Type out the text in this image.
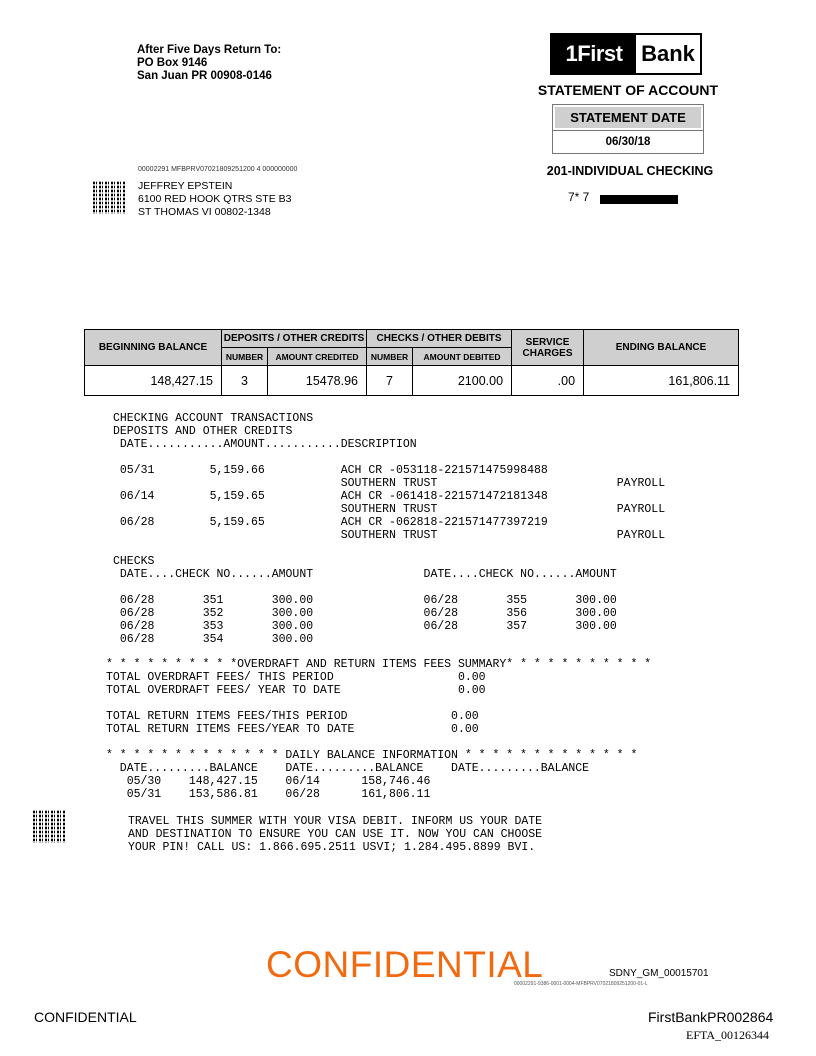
After Five Days Return To:
PO Box 9146
San Juan PR 00908-0146
1First Bank
STATEMENT OF ACCOUNT
STATEMENT DATE
06/30/18
201-INDIVIDUAL CHECKING
7* 7
00002291 MFBPRV07021809251200 4 000000000
JEFFREY EPSTEIN
6100 RED HOOK QTRS STE B3
ST THOMAS VI 00802-1348
BEGINNING BALANCE	DEPOSITS / OTHER CREDITS		CHECKS / OTHER DEBITS		SERVICE CHARGES	ENDING BALANCE
	NUMBER	AMOUNT CREDITED	NUMBER	AMOUNT DEBITED		
148,427.15	3	15478.96	7	2100.00	.00	161,806.11
CHECKING ACCOUNT TRANSACTIONS
DEPOSITS AND OTHER CREDITS
DATE...........AMOUNT...........DESCRIPTION
05/31        5,159.66           ACH CR -053118-221571475998488
SOUTHERN TRUST                          PAYROLL
06/14        5,159.65           ACH CR -061418-221571472181348
SOUTHERN TRUST                          PAYROLL
06/28        5,159.65           ACH CR -062818-221571477397219
SOUTHERN TRUST                          PAYROLL
CHECKS
DATE....CHECK NO......AMOUNT                DATE....CHECK NO......AMOUNT
06/28       351       300.00                06/28       355       300.00
06/28       352       300.00                06/28       356       300.00
06/28       353       300.00                06/28       357       300.00
06/28       354       300.00
* * * * * * * * * *OVERDRAFT AND RETURN ITEMS FEES SUMMARY* * * * * * * * * * *
TOTAL OVERDRAFT FEES/ THIS PERIOD                  0.00
TOTAL OVERDRAFT FEES/ YEAR TO DATE                 0.00
TOTAL RETURN ITEMS FEES/THIS PERIOD               0.00
TOTAL RETURN ITEMS FEES/YEAR TO DATE              0.00
* * * * * * * * * * * * * DAILY BALANCE INFORMATION * * * * * * * * * * * * *
DATE.........BALANCE    DATE.........BALANCE    DATE.........BALANCE
05/30    148,427.15    06/14      158,746.46
05/31    153,586.81    06/28      161,806.11
TRAVEL THIS SUMMER WITH YOUR VISA DEBIT. INFORM US YOUR DATE
AND DESTINATION TO ENSURE YOU CAN USE IT. NOW YOU CAN CHOOSE
YOUR PIN! CALL US: 1.866.695.2511 USVI; 1.284.495.8899 BVI.
CONFIDENTIAL	SDNY_GM_00015701
00002291-9386-0001-0004-MFBPRV07021809251200-01-L
CONFIDENTIAL	FirstBankPR002864
EFTA_00126344
